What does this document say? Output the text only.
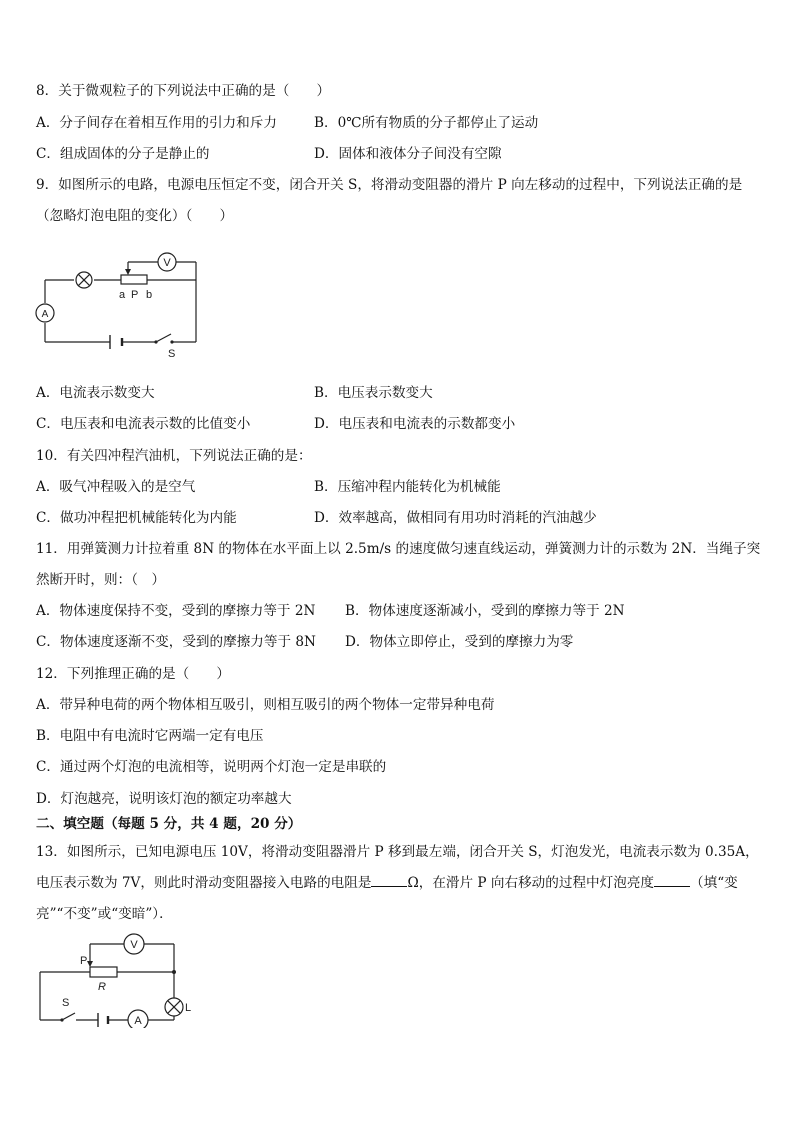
8．关于微观粒子的下列说法中正确的是（　　）
A．分子间存在着相互作用的引力和斥力	B．0℃所有物质的分子都停止了运动
C．组成固体的分子是静止的	D．固体和液体分子间没有空隙
9．如图所示的电路，电源电压恒定不变，闭合开关 S，将滑动变阻器的滑片 P 向左移动的过程中，下列说法正确的是
（忽略灯泡电阻的变化）（　　）
V
A
a P b
S
A．电流表示数变大	B．电压表示数变大
C．电压表和电流表示数的比值变小	D．电压表和电流表的示数都变小
10．有关四冲程汽油机，下列说法正确的是：
A．吸气冲程吸入的是空气	B．压缩冲程内能转化为机械能
C．做功冲程把机械能转化为内能	D．效率越高，做相同有用功时消耗的汽油越少
11．用弹簧测力计拉着重 8N 的物体在水平面上以 2.5m/s 的速度做匀速直线运动，弹簧测力计的示数为 2N．当绳子突
然断开时，则：（　）
A．物体速度保持不变，受到的摩擦力等于 2N B．物体速度逐渐减小，受到的摩擦力等于 2N
C．物体速度逐渐不变，受到的摩擦力等于 8N D．物体立即停止，受到的摩擦力为零
12．下列推理正确的是（　　）
A．带异种电荷的两个物体相互吸引，则相互吸引的两个物体一定带异种电荷
B．电阻中有电流时它两端一定有电压
C．通过两个灯泡的电流相等，说明两个灯泡一定是串联的
D．灯泡越亮，说明该灯泡的额定功率越大
二、填空题（每题 5 分，共 4 题，20 分）
13．如图所示，已知电源电压 10V，将滑动变阻器滑片 P 移到最左端，闭合开关 S，灯泡发光，电流表示数为 0.35A，
电压表示数为 7V，则此时滑动变阻器接入电路的电阻是	Ω，在滑片 P 向右移动的过程中灯泡亮度	（填“变
亮”“不变”或“变暗”）．
V
A
P
R
L
S
